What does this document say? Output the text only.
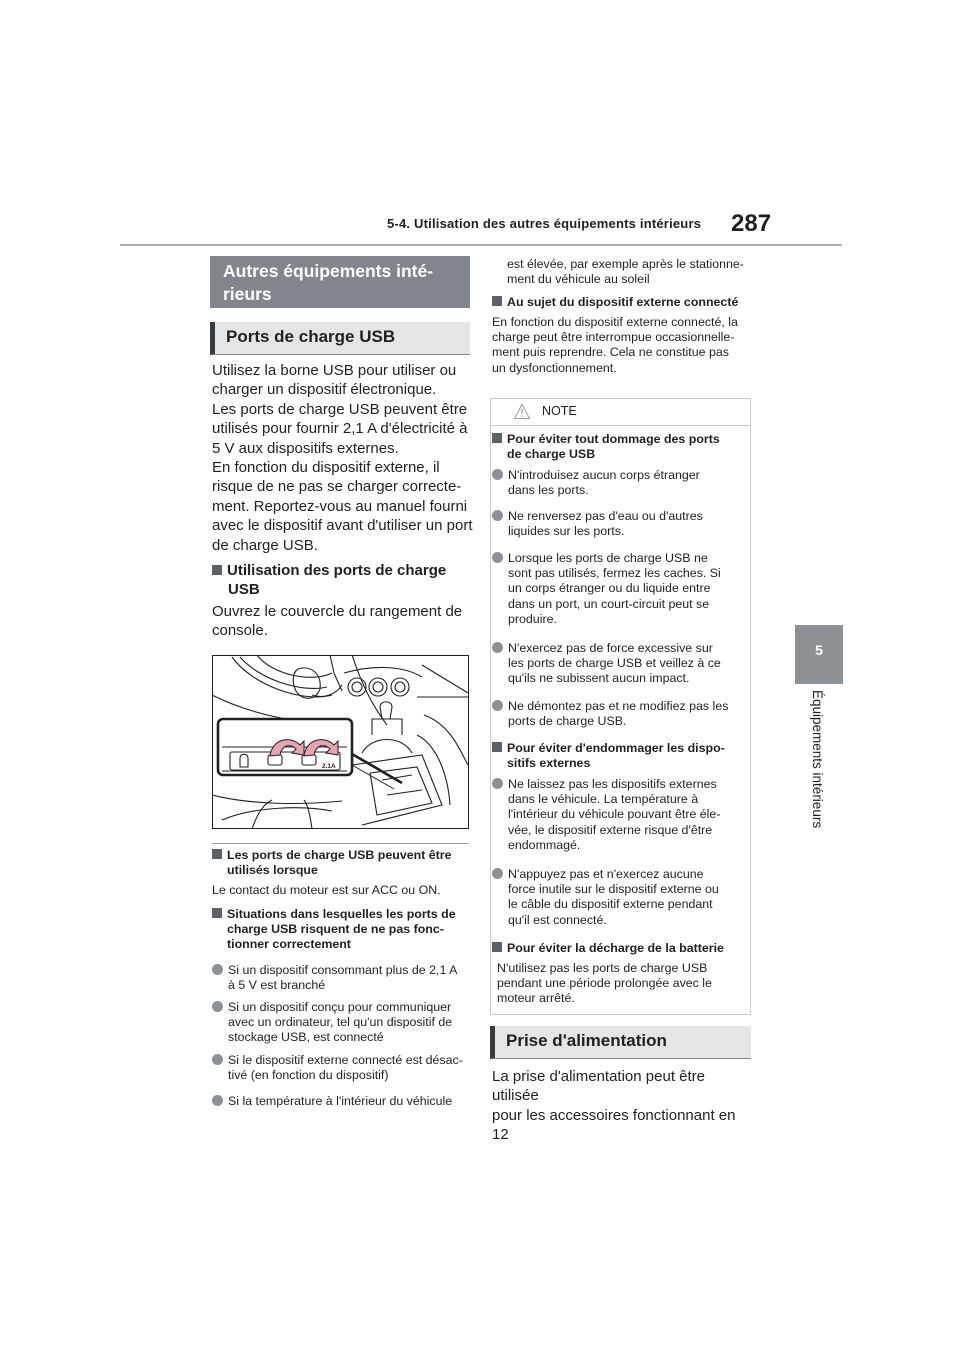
5-4. Utilisation des autres équipements intérieurs 287
5
Équipements intérieurs
Autres équipements inté-
rieurs
Ports de charge USB
Utilisez la borne USB pour utiliser ou
charger un dispositif électronique.
Les ports de charge USB peuvent être
utilisés pour fournir 2,1 A d'électricité à
5 V aux dispositifs externes.
En fonction du dispositif externe, il
risque de ne pas se charger correcte-
ment. Reportez-vous au manuel fourni
avec le dispositif avant d'utiliser un port
de charge USB.
Utilisation des ports de charge
USB
Ouvrez le couvercle du rangement de
console.
2.1A
Les ports de charge USB peuvent être
utilisés lorsque
Le contact du moteur est sur ACC ou ON.
Situations dans lesquelles les ports de
charge USB risquent de ne pas fonc-
tionner correctement
Si un dispositif consommant plus de 2,1 A
à 5 V est branché
Si un dispositif conçu pour communiquer
avec un ordinateur, tel qu'un dispositif de
stockage USB, est connecté
Si le dispositif externe connecté est désac-
tivé (en fonction du dispositif)
Si la température à l'intérieur du véhicule
est élevée, par exemple après le stationne-
ment du véhicule au soleil
Au sujet du dispositif externe connecté
En fonction du dispositif externe connecté, la
charge peut être interrompue occasionnelle-
ment puis reprendre. Cela ne constitue pas
un dysfonctionnement.
NOTE
Pour éviter tout dommage des ports
de charge USB
N'introduisez aucun corps étranger
dans les ports.
Ne renversez pas d'eau ou d'autres
liquides sur les ports.
Lorsque les ports de charge USB ne
sont pas utilisés, fermez les caches. Si
un corps étranger ou du liquide entre
dans un port, un court-circuit peut se
produire.
N'exercez pas de force excessive sur
les ports de charge USB et veillez à ce
qu'ils ne subissent aucun impact.
Ne démontez pas et ne modifiez pas les
ports de charge USB.
Pour éviter d'endommager les dispo-
sitifs externes
Ne laissez pas les dispositifs externes
dans le véhicule. La température à
l'intérieur du véhicule pouvant être éle-
vée, le dispositif externe risque d'être
endommagé.
N'appuyez pas et n'exercez aucune
force inutile sur le dispositif externe ou
le câble du dispositif externe pendant
qu'il est connecté.
Pour éviter la décharge de la batterie
N'utilisez pas les ports de charge USB
pendant une période prolongée avec le
moteur arrêté.
Prise d'alimentation
La prise d'alimentation peut être utilisée
pour les accessoires fonctionnant en 12
